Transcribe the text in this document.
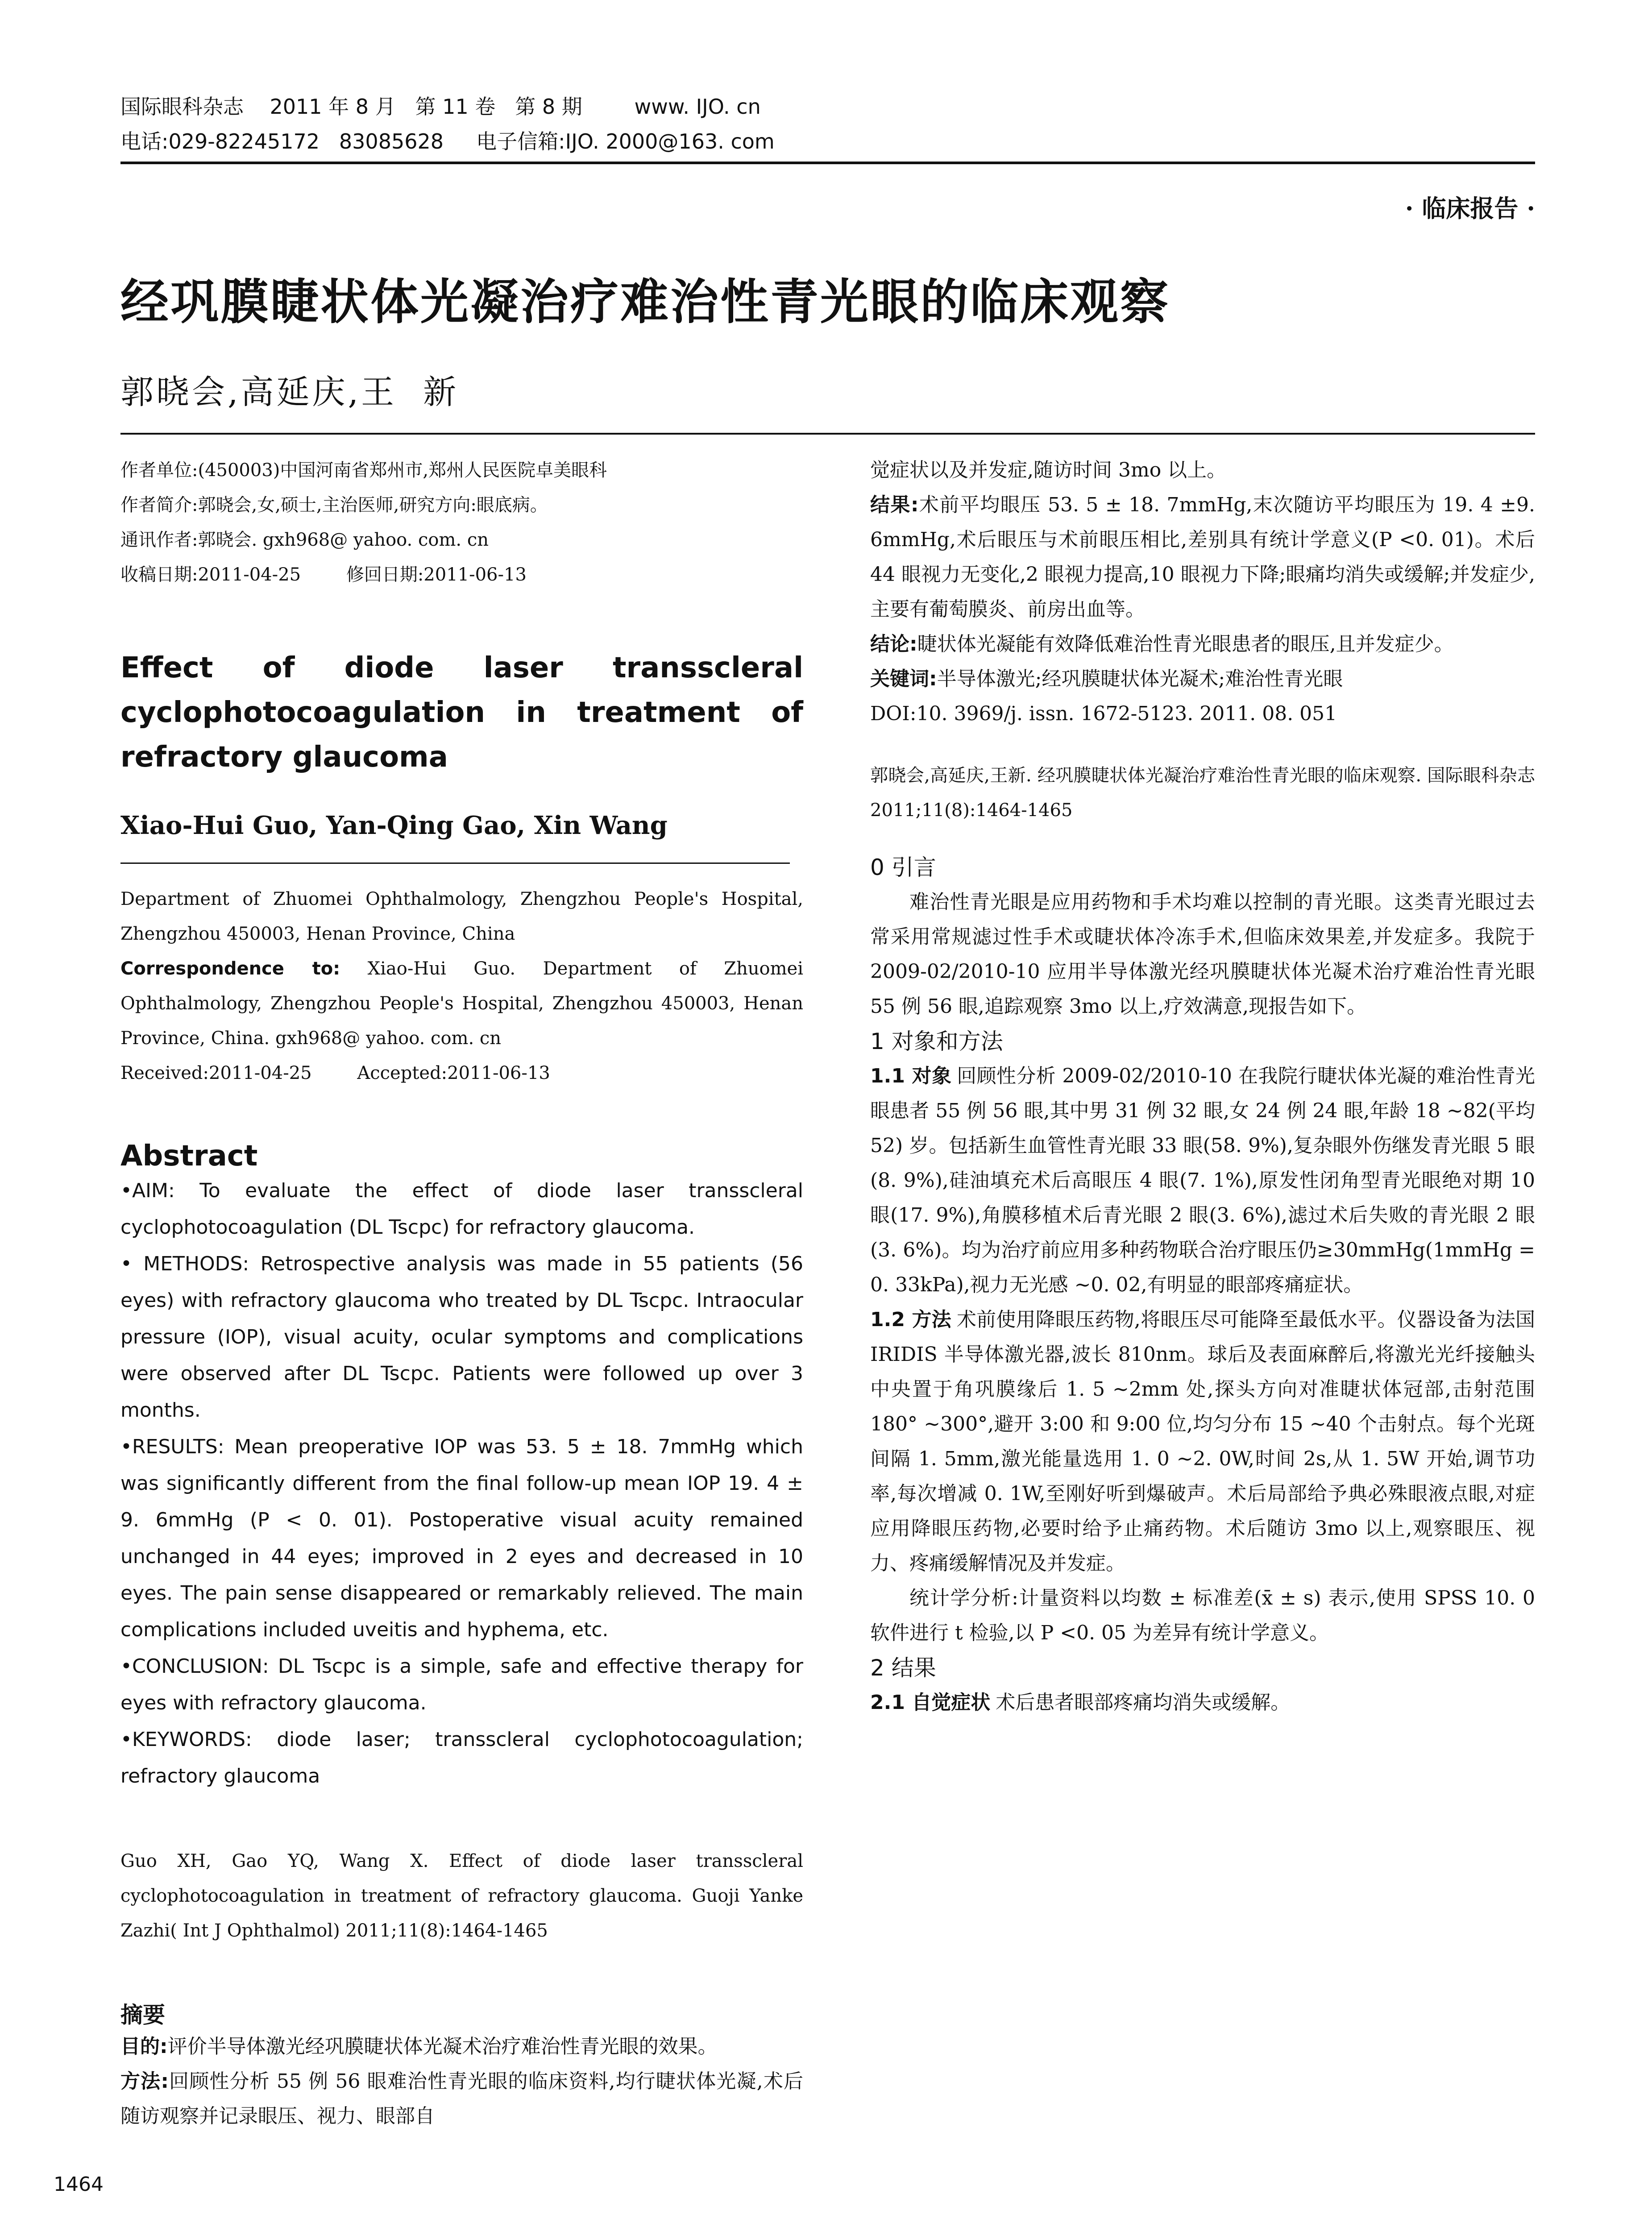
国际眼科杂志    2011 年 8 月   第 11 卷   第 8 期        www. IJO. cn
电话:029-82245172   83085628     电子信箱:IJO. 2000@163. com
· 临床报告 ·
经巩膜睫状体光凝治疗难治性青光眼的临床观察
郭晓会,高延庆,王  新

作者单位:(450003)中国河南省郑州市,郑州人民医院卓美眼科

作者简介:郭晓会,女,硕士,主治医师,研究方向:眼底病。

通讯作者:郭晓会. gxh968@ yahoo. com. cn

收稿日期:2011-04-25        修回日期:2011-06-13

Effect of diode laser transscleral cyclophotocoagulation in treatment of refractory glaucoma

Xiao-Hui Guo, Yan-Qing Gao, Xin Wang

Department of Zhuomei Ophthalmology, Zhengzhou People's Hospital, Zhengzhou 450003, Henan Province, China

Correspondence to: Xiao-Hui Guo. Department of Zhuomei Ophthalmology, Zhengzhou People's Hospital, Zhengzhou 450003, Henan Province, China. gxh968@ yahoo. com. cn

Received:2011-04-25        Accepted:2011-06-13

Abstract

•AIM: To evaluate the effect of diode laser transscleral cyclophotocoagulation (DL Tscpc) for refractory glaucoma.

• METHODS: Retrospective analysis was made in 55 patients (56 eyes) with refractory glaucoma who treated by DL Tscpc. Intraocular pressure (IOP), visual acuity, ocular symptoms and complications were observed after DL Tscpc. Patients were followed up over 3 months.

•RESULTS: Mean preoperative IOP was 53. 5 ± 18. 7mmHg which was significantly different from the final follow-up mean IOP 19. 4 ± 9. 6mmHg (P < 0. 01). Postoperative visual acuity remained unchanged in 44 eyes; improved in 2 eyes and decreased in 10 eyes. The pain sense disappeared or remarkably relieved. The main complications included uveitis and hyphema, etc.

•CONCLUSION: DL Tscpc is a simple, safe and effective therapy for eyes with refractory glaucoma.

•KEYWORDS: diode laser; transscleral cyclophotocoagulation; refractory glaucoma

Guo XH, Gao YQ, Wang X. Effect of diode laser transscleral cyclophotocoagulation in treatment of refractory glaucoma. Guoji Yanke Zazhi( Int J Ophthalmol) 2011;11(8):1464-1465

摘要

目的:评价半导体激光经巩膜睫状体光凝术治疗难治性青光眼的效果。

方法:回顾性分析 55 例 56 眼难治性青光眼的临床资料,均行睫状体光凝,术后随访观察并记录眼压、视力、眼部自

觉症状以及并发症,随访时间 3mo 以上。

结果:术前平均眼压 53. 5 ± 18. 7mmHg,末次随访平均眼压为 19. 4 ±9. 6mmHg,术后眼压与术前眼压相比,差别具有统计学意义(P <0. 01)。术后 44 眼视力无变化,2 眼视力提高,10 眼视力下降;眼痛均消失或缓解;并发症少,主要有葡萄膜炎、前房出血等。

结论:睫状体光凝能有效降低难治性青光眼患者的眼压,且并发症少。

关键词:半导体激光;经巩膜睫状体光凝术;难治性青光眼

DOI:10. 3969/j. issn. 1672-5123. 2011. 08. 051

郭晓会,高延庆,王新. 经巩膜睫状体光凝治疗难治性青光眼的临床观察. 国际眼科杂志 2011;11(8):1464-1465

0 引言

难治性青光眼是应用药物和手术均难以控制的青光眼。这类青光眼过去常采用常规滤过性手术或睫状体冷冻手术,但临床效果差,并发症多。我院于 2009-02/2010-10 应用半导体激光经巩膜睫状体光凝术治疗难治性青光眼 55 例 56 眼,追踪观察 3mo 以上,疗效满意,现报告如下。

1 对象和方法

1.1 对象 回顾性分析 2009-02/2010-10 在我院行睫状体光凝的难治性青光眼患者 55 例 56 眼,其中男 31 例 32 眼,女 24 例 24 眼,年龄 18 ~82(平均 52) 岁。包括新生血管性青光眼 33 眼(58. 9%),复杂眼外伤继发青光眼 5 眼(8. 9%),硅油填充术后高眼压 4 眼(7. 1%),原发性闭角型青光眼绝对期 10 眼(17. 9%),角膜移植术后青光眼 2 眼(3. 6%),滤过术后失败的青光眼 2 眼(3. 6%)。均为治疗前应用多种药物联合治疗眼压仍≥30mmHg(1mmHg = 0. 33kPa),视力无光感 ~0. 02,有明显的眼部疼痛症状。

1.2 方法 术前使用降眼压药物,将眼压尽可能降至最低水平。仪器设备为法国 IRIDIS 半导体激光器,波长 810nm。球后及表面麻醉后,将激光光纤接触头中央置于角巩膜缘后 1. 5 ~2mm 处,探头方向对准睫状体冠部,击射范围 180° ~300°,避开 3:00 和 9:00 位,均匀分布 15 ~40 个击射点。每个光斑间隔 1. 5mm,激光能量选用 1. 0 ~2. 0W,时间 2s,从 1. 5W 开始,调节功率,每次增减 0. 1W,至刚好听到爆破声。术后局部给予典必殊眼液点眼,对症应用降眼压药物,必要时给予止痛药物。术后随访 3mo 以上,观察眼压、视力、疼痛缓解情况及并发症。

统计学分析:计量资料以均数 ± 标准差(x̄ ± s) 表示,使用 SPSS 10. 0 软件进行 t 检验,以 P <0. 05 为差异有统计学意义。

2 结果

2.1 自觉症状 术后患者眼部疼痛均消失或缓解。

1464
